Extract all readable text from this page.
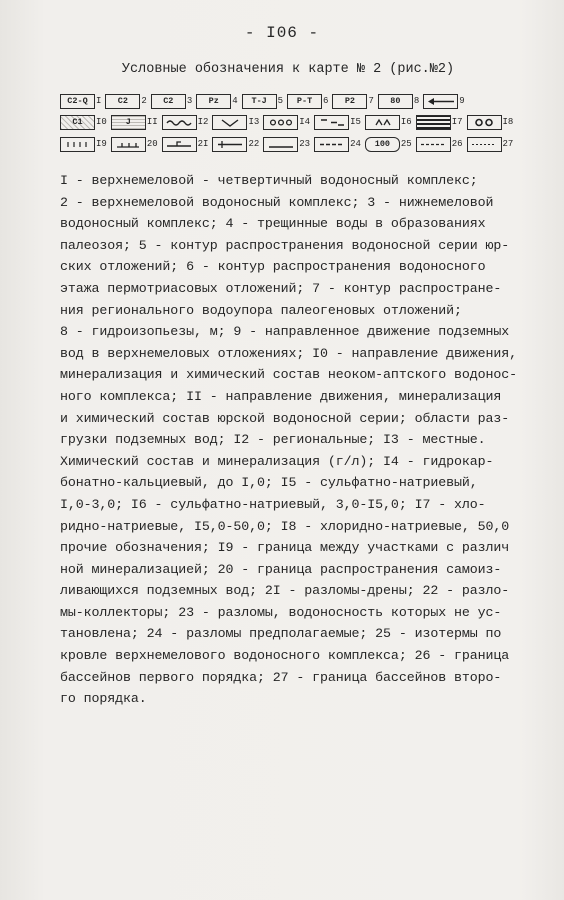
- I06 -
Условные обозначения к карте № 2 (рис.№2)
C2-Q I	C2	2	C2	3	Pz	4	T-J	5	P-T	6	P2	7	80	8	9
C1	I0	J	II	I2	I3	I4	I5	I6	I7	I8
I9	20	2I	22	23	24	100	25	26	27
I - верхнемеловой - четвертичный водоносный комплекс;
2 - верхнемеловой водоносный комплекс; 3 - нижнемеловой
водоносный комплекс; 4 - трещинные воды в образованиях
палеозоя; 5 - контур распространения водоносной серии юр-
ских отложений; 6 - контур распространения водоносного
этажа пермотриасовых отложений; 7 - контур распростране-
ния регионального водоупора палеогеновых отложений;
8 - гидроизопьезы, м; 9 - направленное движение подземных
вод в верхнемеловых отложениях; I0 - направление движения,
минерализация и химический состав неоком-аптского водонос-
ного комплекса; II - направление движения, минерализация
и химический состав юрской водоносной серии; области раз-
грузки подземных вод; I2 - региональные; I3 - местные.
Химический состав и минерализация (г/л); I4 - гидрокар-
бонатно-кальциевый, до I,0; I5 - сульфатно-натриевый,
I,0-3,0; I6 - сульфатно-натриевый, 3,0-I5,0; I7 - хло-
ридно-натриевые, I5,0-50,0; I8 - хлоридно-натриевые, 50,0
прочие обозначения; I9 - граница между участками с различ
ной минерализацией; 20 - граница распространения самоиз-
ливающихся подземных вод; 2I - разломы-дрены; 22 - разло-
мы-коллекторы; 23 - разломы, водоносность которых не ус-
тановлена; 24 - разломы предполагаемые; 25 - изотермы по
кровле верхнемелового водоносного комплекса; 26 - граница
бассейнов первого порядка; 27 - граница бассейнов второ-
го порядка.
